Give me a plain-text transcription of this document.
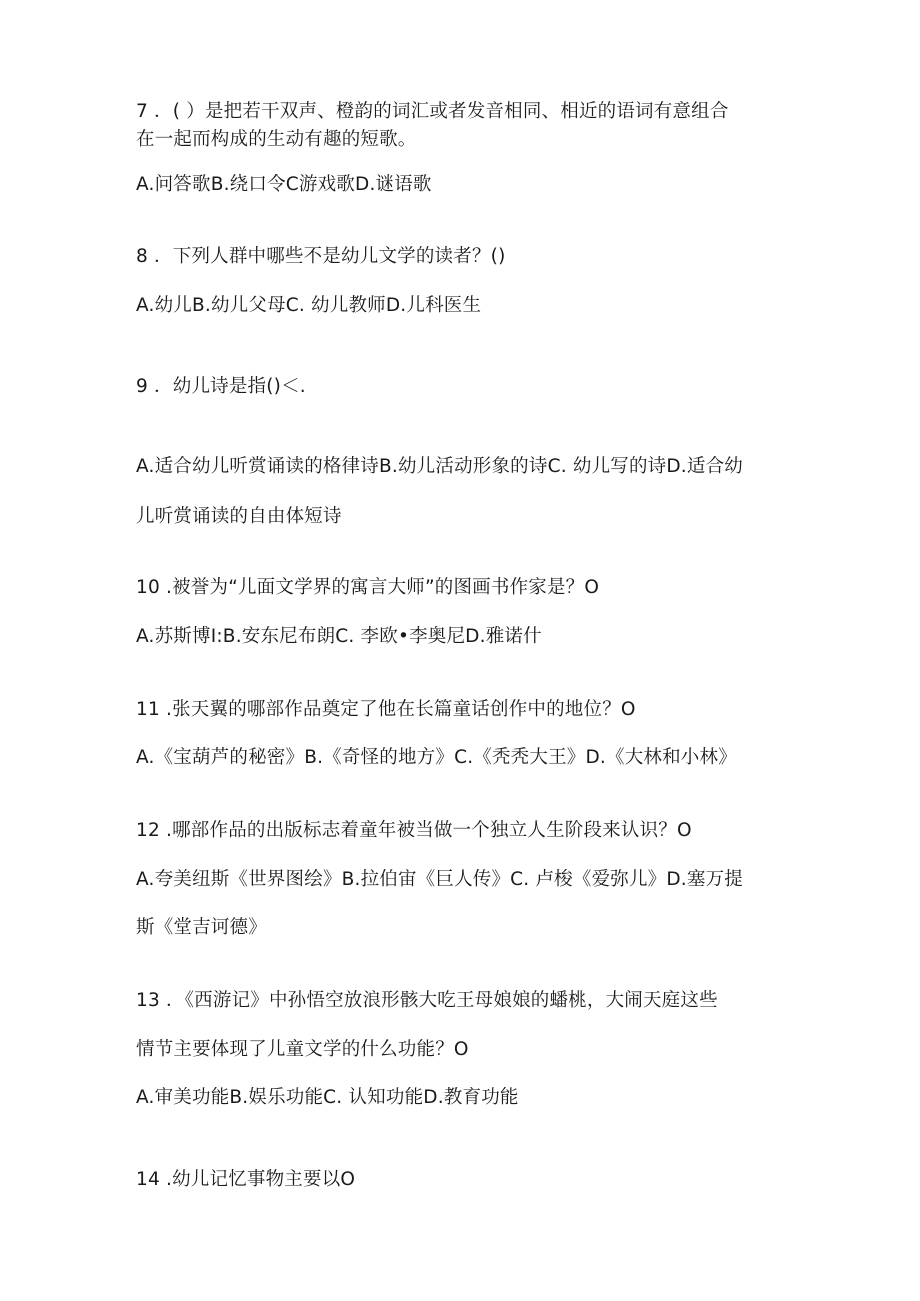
7 ．( ）是把若干双声、橙韵的词汇或者发音相同、相近的语词有意组合
在一起而构成的生动有趣的短歌。
A.问答歌B.绕口令C游戏歌D.谜语歌
8 ．下列人群中哪些不是幼儿文学的读者？()
A.幼儿B.幼儿父母C. 幼儿教师D.儿科医生
9 ．幼儿诗是指()＜.
A.适合幼儿听赏诵读的格律诗B.幼儿活动形象的诗C. 幼儿写的诗D.适合幼
儿听赏诵读的自由体短诗
10 .被誉为“儿面文学界的寓言大师”的图画书作家是？O
A.苏斯博I:B.安东尼布朗C. 李欧•李奥尼D.雅诺什
11 .张天翼的哪部作品奠定了他在长篇童话创作中的地位？O
A.《宝葫芦的秘密》B.《奇怪的地方》C.《秃秃大王》D.《大林和小林》
12 .哪部作品的出版标志着童年被当做一个独立人生阶段来认识？O
A.夸美纽斯《世界图绘》B.拉伯宙《巨人传》C. 卢梭《爱弥儿》D.塞万提
斯《堂吉诃德》
13 ．《西游记》中孙悟空放浪形骸大吃王母娘娘的蟠桃，大闹天庭这些
情节主要体现了儿童文学的什么功能？O
A.审美功能B.娱乐功能C. 认知功能D.教育功能
14 .幼儿记忆事物主要以O
